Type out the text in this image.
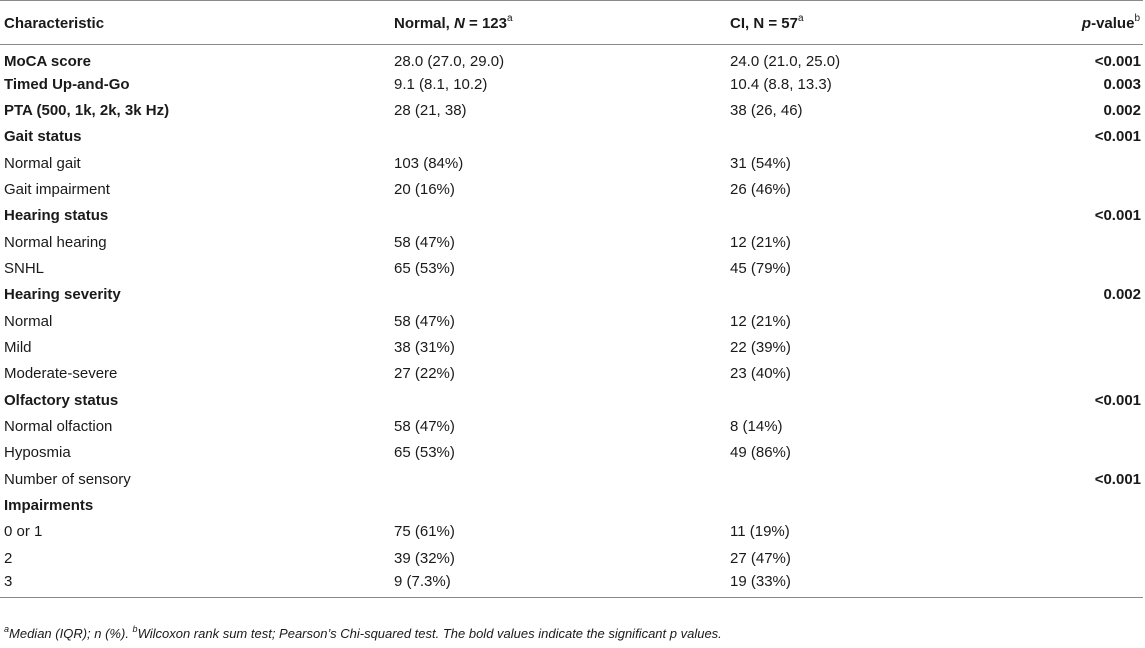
Characteristic	Normal, $N = 123^a$	CI, $N = 57^a$	p-value$^b$
MoCA score	28.0 (27.0, 29.0)	24.0 (21.0, 25.0)	<0.001
Timed Up-and-Go	9.1 (8.1, 10.2)	10.4 (8.8, 13.3)	0.003
PTA (500, 1k, 2k, 3k Hz)	28 (21, 38)	38 (26, 46)	0.002
Gait status			<0.001
Normal gait	103 (84%)	31 (54%)	
Gait impairment	20 (16%)	26 (46%)	
Hearing status			<0.001
Normal hearing	58 (47%)	12 (21%)	
SNHL	65 (53%)	45 (79%)	
Hearing severity			0.002
Normal	58 (47%)	12 (21%)	
Mild	38 (31%)	22 (39%)	
Moderate-severe	27 (22%)	23 (40%)	
Olfactory status			<0.001
Normal olfaction	58 (47%)	8 (14%)	
Hyposmia	65 (53%)	49 (86%)	
Number of sensory			<0.001
Impairments			
0 or 1	75 (61%)	11 (19%)	
2	39 (32%)	27 (47%)	
3	9 (7.3%)	19 (33%)	
$^a$Median (IQR); n (%). $^b$Wilcoxon rank sum test; Pearson’s Chi-squared test. The bold values indicate the significant p values.
